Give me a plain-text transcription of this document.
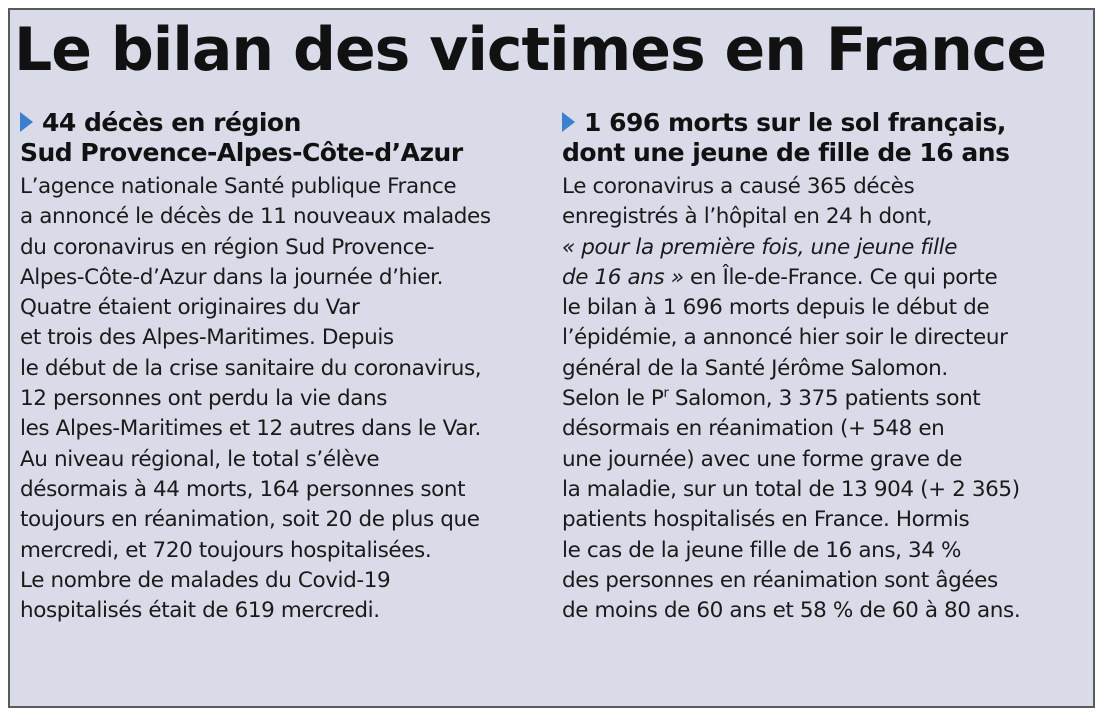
Le bilan des victimes en France
44 décès en région
Sud Provence-Alpes-Côte-d’Azur

L’agence nationale Santé publique France
a annoncé le décès de 11 nouveaux malades
du coronavirus en région Sud Provence-
Alpes-Côte-d’Azur dans la journée d’hier.
Quatre étaient originaires du Var
et trois des Alpes-Maritimes. Depuis
le début de la crise sanitaire du coronavirus,
12 personnes ont perdu la vie dans
les Alpes-Maritimes et 12 autres dans le Var.
Au niveau régional, le total s’élève
désormais à 44 morts, 164 personnes sont
toujours en réanimation, soit 20 de plus que
mercredi, et 720 toujours hospitalisées.
Le nombre de malades du Covid-19
hospitalisés était de 619 mercredi.

1 696 morts sur le sol français,
dont une jeune de fille de 16 ans

Le coronavirus a causé 365 décès
enregistrés à l’hôpital en 24 h dont,
« pour la première fois, une jeune fille
de 16 ans » en Île-de-France. Ce qui porte
le bilan à 1 696 morts depuis le début de
l’épidémie, a annoncé hier soir le directeur
général de la Santé Jérôme Salomon.
Selon le $P^r$ Salomon, 3 375 patients sont
désormais en réanimation (+ 548 en
une journée) avec une forme grave de
la maladie, sur un total de 13 904 (+ 2 365)
patients hospitalisés en France. Hormis
le cas de la jeune fille de 16 ans, 34 %
des personnes en réanimation sont âgées
de moins de 60 ans et 58 % de 60 à 80 ans.
